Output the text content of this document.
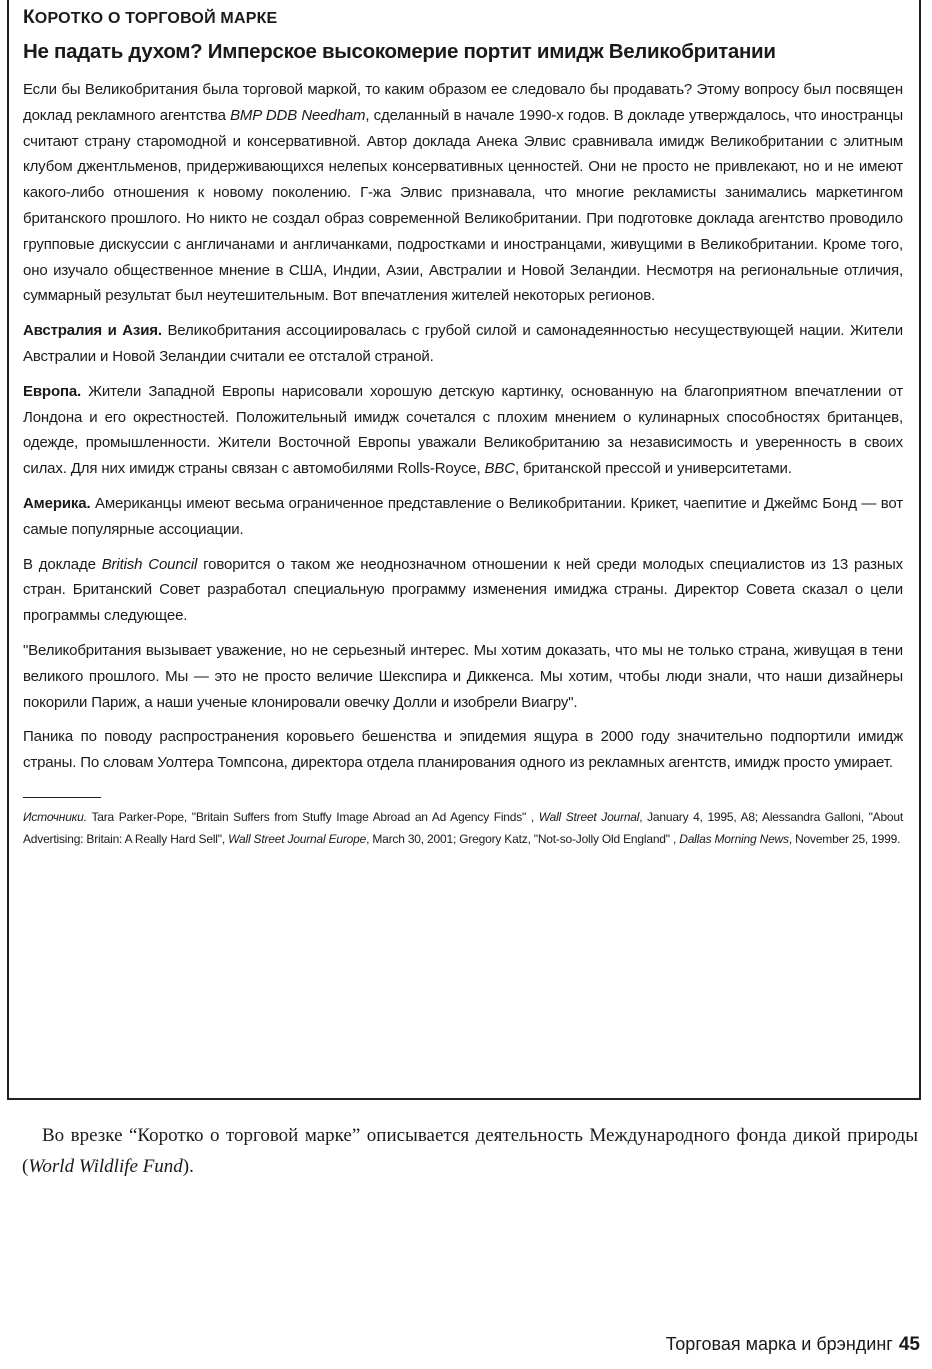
КОРОТКО О ТОРГОВОЙ МАРКЕ

Не падать духом? Имперское высокомерие портит имидж Великобритании

Если бы Великобритания была торговой маркой, то каким образом ее следовало бы продавать? Этому вопросу был посвящен доклад рекламного агентства BMP DDB Needham, сделанный в начале 1990-х годов. В докладе утверждалось, что иностранцы считают страну старомодной и консервативной. Автор доклада Анека Элвис сравнивала имидж Великобритании с элитным клубом джентльменов, придерживающихся нелепых консервативных ценностей. Они не просто не привлекают, но и не имеют какого-либо отношения к новому поколению. Г-жа Элвис признавала, что многие рекламисты занимались маркетингом британского прошлого. Но никто не создал образ современной Великобритании. При подготовке доклада агентство проводило групповые дискуссии с англичанами и англичанками, подростками и иностранцами, живущими в Великобритании. Кроме того, оно изучало общественное мнение в США, Индии, Азии, Австралии и Новой Зеландии. Несмотря на региональные отличия, суммарный результат был неутешительным. Вот впечатления жителей некоторых регионов.

Австралия и Азия. Великобритания ассоциировалась с грубой силой и самонадеянностью несуществующей нации. Жители Австралии и Новой Зеландии считали ее отсталой страной.

Европа. Жители Западной Европы нарисовали хорошую детскую картинку, основанную на благоприятном впечатлении от Лондона и его окрестностей. Положительный имидж сочетался с плохим мнением о кулинарных способностях британцев, одежде, промышленности. Жители Восточной Европы уважали Великобританию за независимость и уверенность в своих силах. Для них имидж страны связан с автомобилями Rolls-Royce, BBC, британской прессой и университетами.

Америка. Американцы имеют весьма ограниченное представление о Великобритании. Крикет, чаепитие и Джеймс Бонд — вот самые популярные ассоциации.

В докладе British Council говорится о таком же неоднозначном отношении к ней среди молодых специалистов из 13 разных стран. Британский Совет разработал специальную программу изменения имиджа страны. Директор Совета сказал о цели программы следующее.

"Великобритания вызывает уважение, но не серьезный интерес. Мы хотим доказать, что мы не только страна, живущая в тени великого прошлого. Мы — это не просто величие Шекспира и Диккенса. Мы хотим, чтобы люди знали, что наши дизайнеры покорили Париж, а наши ученые клонировали овечку Долли и изобрели Виагру".

Паника по поводу распространения коровьего бешенства и эпидемия ящура в 2000 году значительно подпортили имидж страны. По словам Уолтера Томпсона, директора отдела планирования одного из рекламных агентств, имидж просто умирает.

Источники. Tara Parker-Pope, "Britain Suffers from Stuffy Image Abroad an Ad Agency Finds" , Wall Street Journal, January 4, 1995, A8; Alessandra Galloni, "About Advertising: Britain: A Really Hard Sell", Wall Street Journal Europe, March 30, 2001; Gregory Katz, "Not-so-Jolly Old England" , Dallas Morning News, November 25, 1999.

Во врезке “Коротко о торговой марке” описывается деятельность Международного фонда дикой природы (World Wildlife Fund).

Торговая марка и брэндинг 45
